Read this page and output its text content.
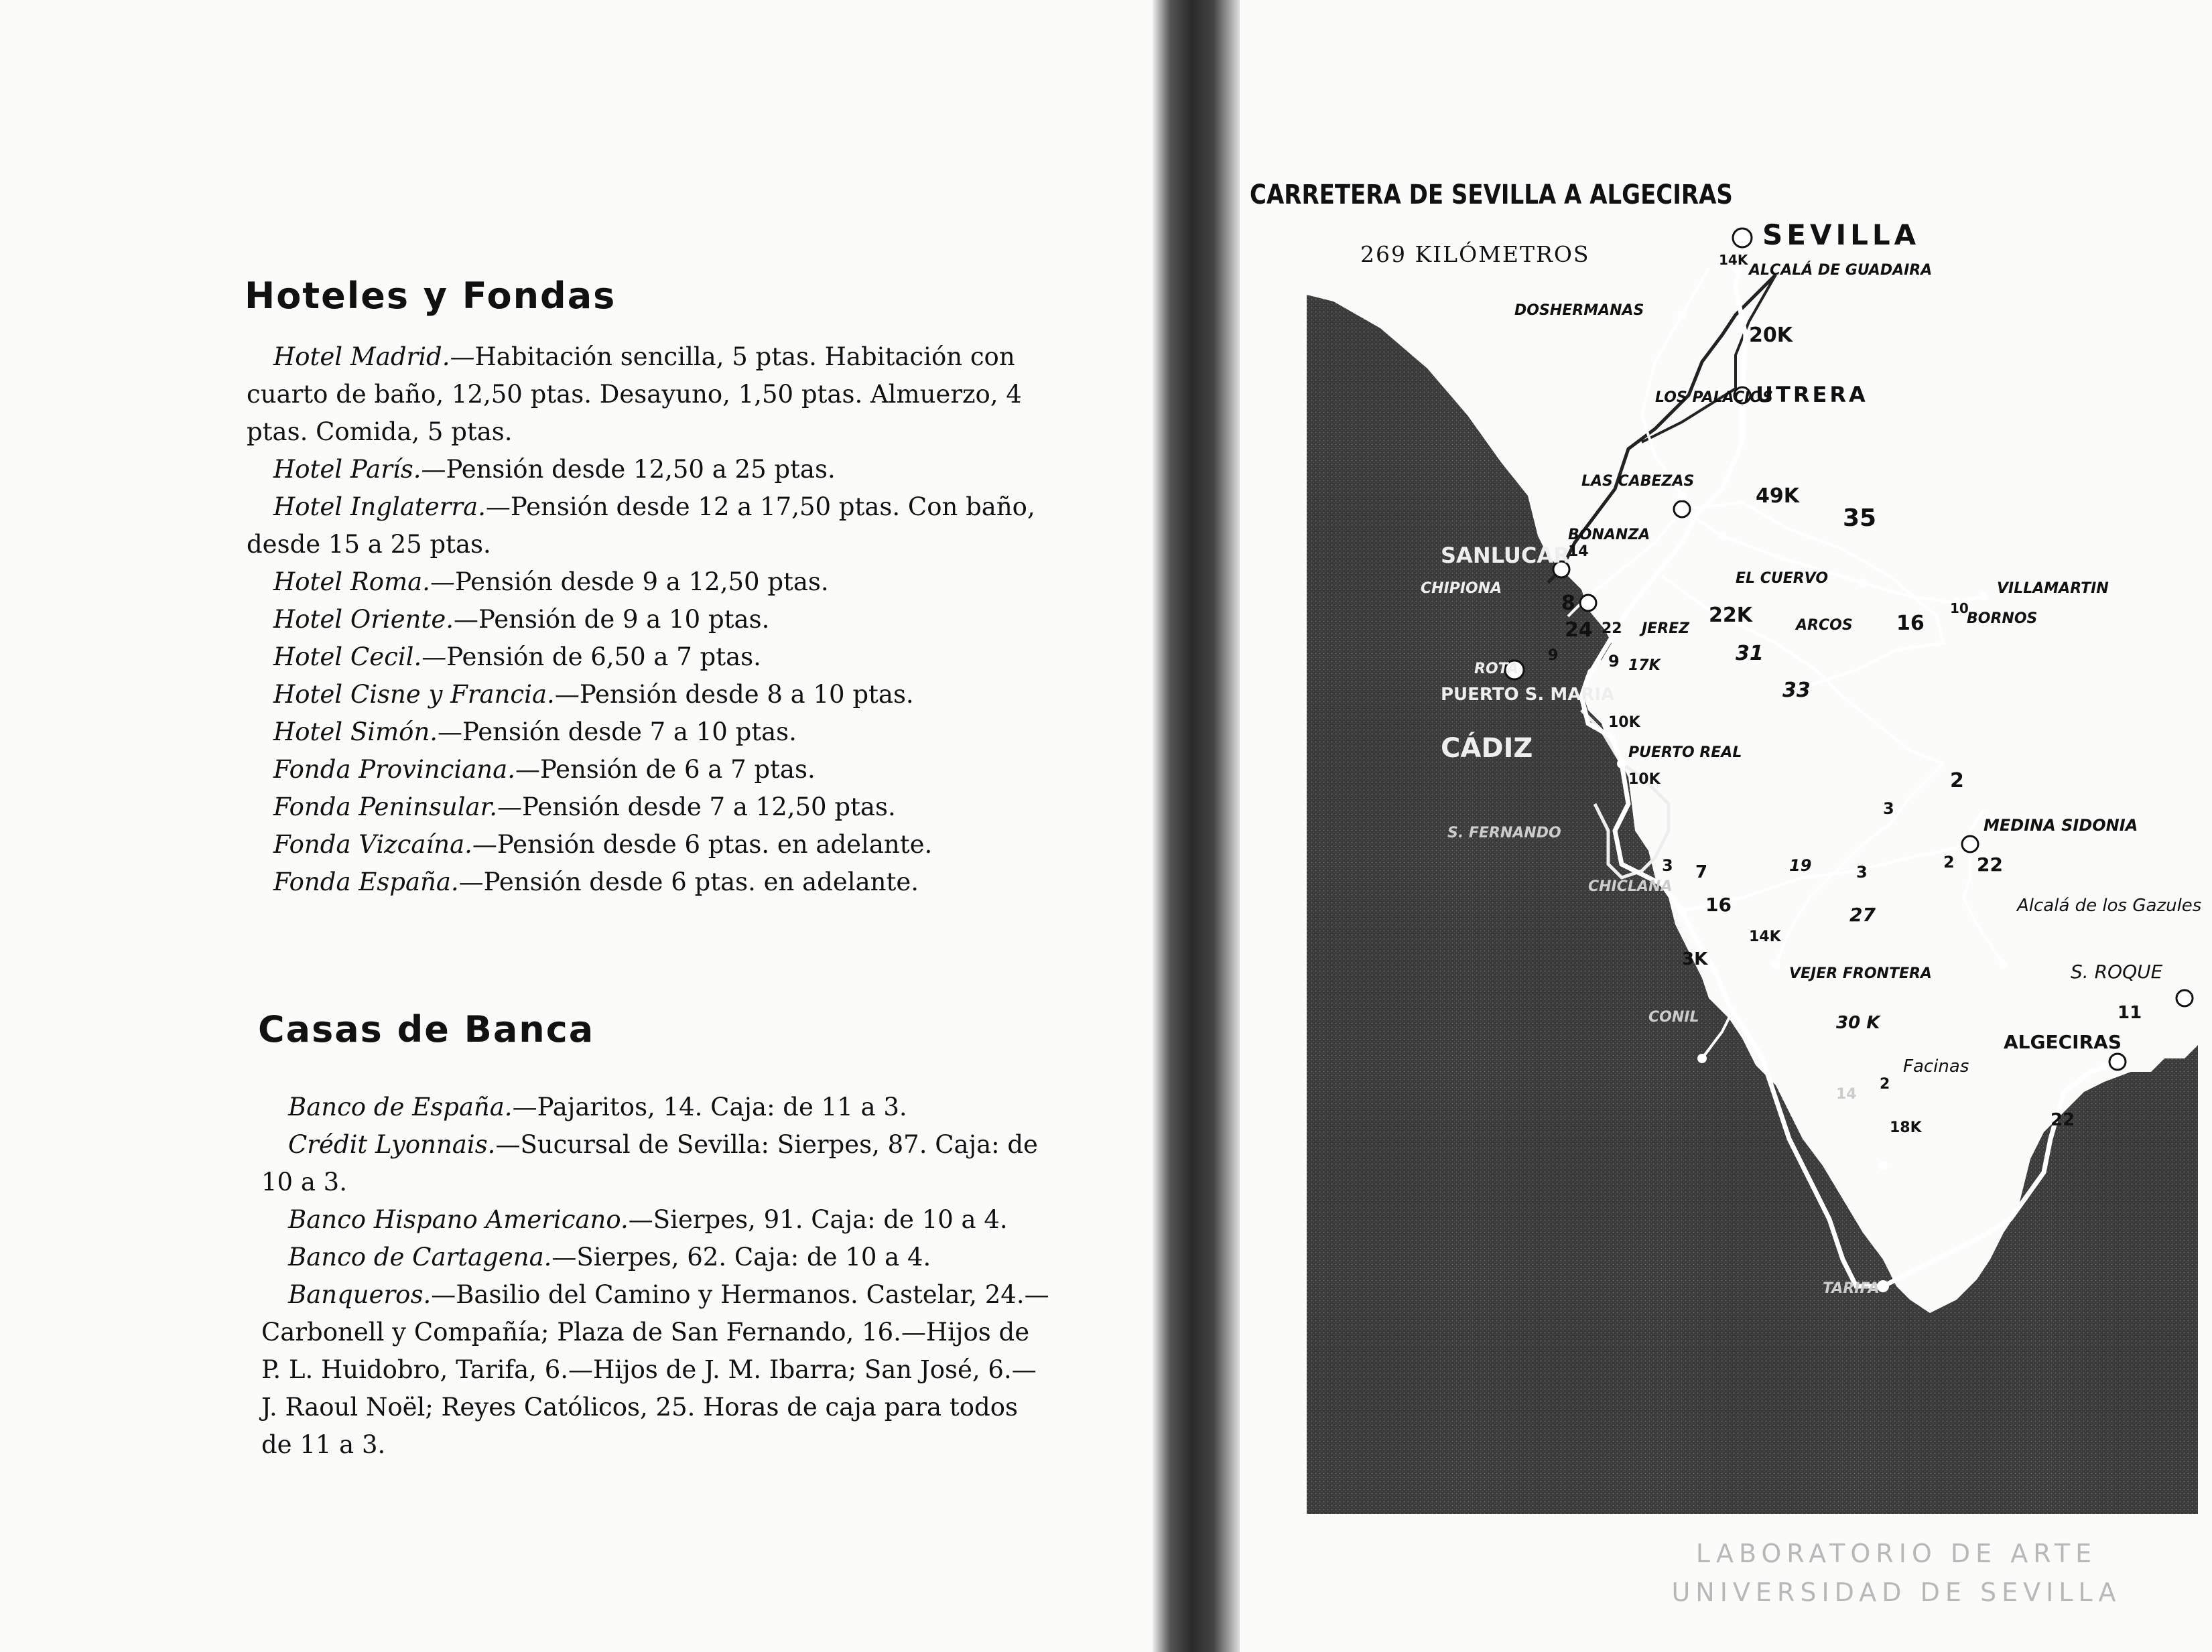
Hoteles y Fondas

Hotel Madrid.—Habitación sencilla, 5 ptas. Habitación con cuarto de baño, 12,50 ptas. Desayuno, 1,50 ptas. Almuerzo, 4 ptas. Comida, 5 ptas.

Hotel París.—Pensión desde 12,50 a 25 ptas.

Hotel Inglaterra.—Pensión desde 12 a 17,50 ptas. Con baño, desde 15 a 25 ptas.

Hotel Roma.—Pensión desde 9 a 12,50 ptas.

Hotel Oriente.—Pensión de 9 a 10 ptas.

Hotel Cecil.—Pensión de 6,50 a 7 ptas.

Hotel Cisne y Francia.—Pensión desde 8 a 10 ptas.

Hotel Simón.—Pensión desde 7 a 10 ptas.

Fonda Provinciana.—Pensión de 6 a 7 ptas.

Fonda Peninsular.—Pensión desde 7 a 12,50 ptas.

Fonda Vizcaína.—Pensión desde 6 ptas. en adelante.

Fonda España.—Pensión desde 6 ptas. en adelante.

Casas de Banca

Banco de España.—Pajaritos, 14. Caja: de 11 a 3.

Crédit Lyonnais.—Sucursal de Sevilla: Sierpes, 87. Caja: de 10 a 3.

Banco Hispano Americano.—Sierpes, 91. Caja: de 10 a 4.

Banco de Cartagena.—Sierpes, 62. Caja: de 10 a 4.

Banqueros.—Basilio del Camino y Hermanos. Castelar, 24.—Carbonell y Compañía; Plaza de San Fernando, 16.—Hijos de P. L. Huidobro, Tarifa, 6.—Hijos de J. M. Ibarra; San José, 6.—J. Raoul Noël; Reyes Católicos, 25. Horas de caja para todos de 11 a 3.

CARRETERA DE SEVILLA A ALGECIRAS

269 KILÓMETROS

SEVILLA
ALCALÁ DE GUADAIRA
DOSHERMANAS
LOS PALACIOS
UTRERA
LAS CABEZAS
BONANZA
SANLUCAR
CHIPIONA
EL CUERVO
VILLAMARTIN
JEREZ	ARCOS	BORNOS
ROTA
PUERTO S. MARIA
CÁDIZ	PUERTO REAL
S. FERNANDO
CHICLANA
MEDINA SIDONIA
Alcalá de los Gazules
CONIL
VEJER FRONTERA	S. ROQUE
ALGECIRAS
Facinas
TARIFA
14K
20K
49K
35
10
16
22K
31
33
8
24 22
9	9 17K
14
10K
10K	2
3
2
3	22
19
27
3 7
16
3K
14K
30 K	11
22
18K
2
14
LABORATORIO DE ARTE
UNIVERSIDAD DE SEVILLA
